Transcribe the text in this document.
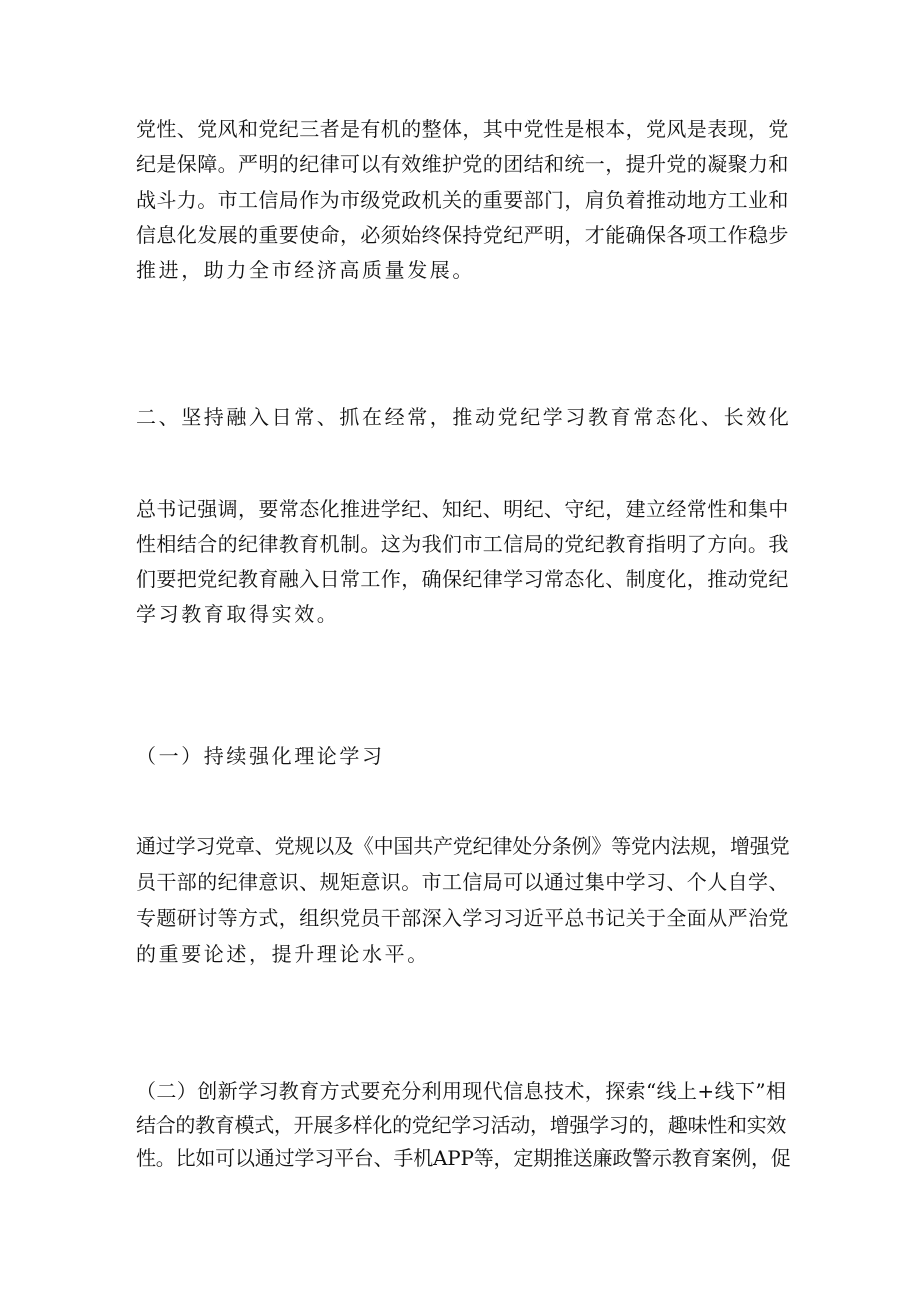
党性、党风和党纪三者是有机的整体，其中党性是根本，党风是表现，党
纪是保障。严明的纪律可以有效维护党的团结和统一，提升党的凝聚力和
战斗力。市工信局作为市级党政机关的重要部门，肩负着推动地方工业和
信息化发展的重要使命，必须始终保持党纪严明，才能确保各项工作稳步
推进，助力全市经济高质量发展。
二、坚持融入日常、抓在经常，推动党纪学习教育常态化、长效化
总书记强调，要常态化推进学纪、知纪、明纪、守纪，建立经常性和集中
性相结合的纪律教育机制。这为我们市工信局的党纪教育指明了方向。我
们要把党纪教育融入日常工作，确保纪律学习常态化、制度化，推动党纪
学习教育取得实效。
（一）持续强化理论学习
通过学习党章、党规以及《中国共产党纪律处分条例》等党内法规，增强党
员干部的纪律意识、规矩意识。市工信局可以通过集中学习、个人自学、
专题研讨等方式，组织党员干部深入学习习近平总书记关于全面从严治党
的重要论述，提升理论水平。
（二）创新学习教育方式要充分利用现代信息技术，探索“线上+线下”相
结合的教育模式，开展多样化的党纪学习活动，增强学习的，趣味性和实效
性。比如可以通过学习平台、手机APP等，定期推送廉政警示教育案例，促
